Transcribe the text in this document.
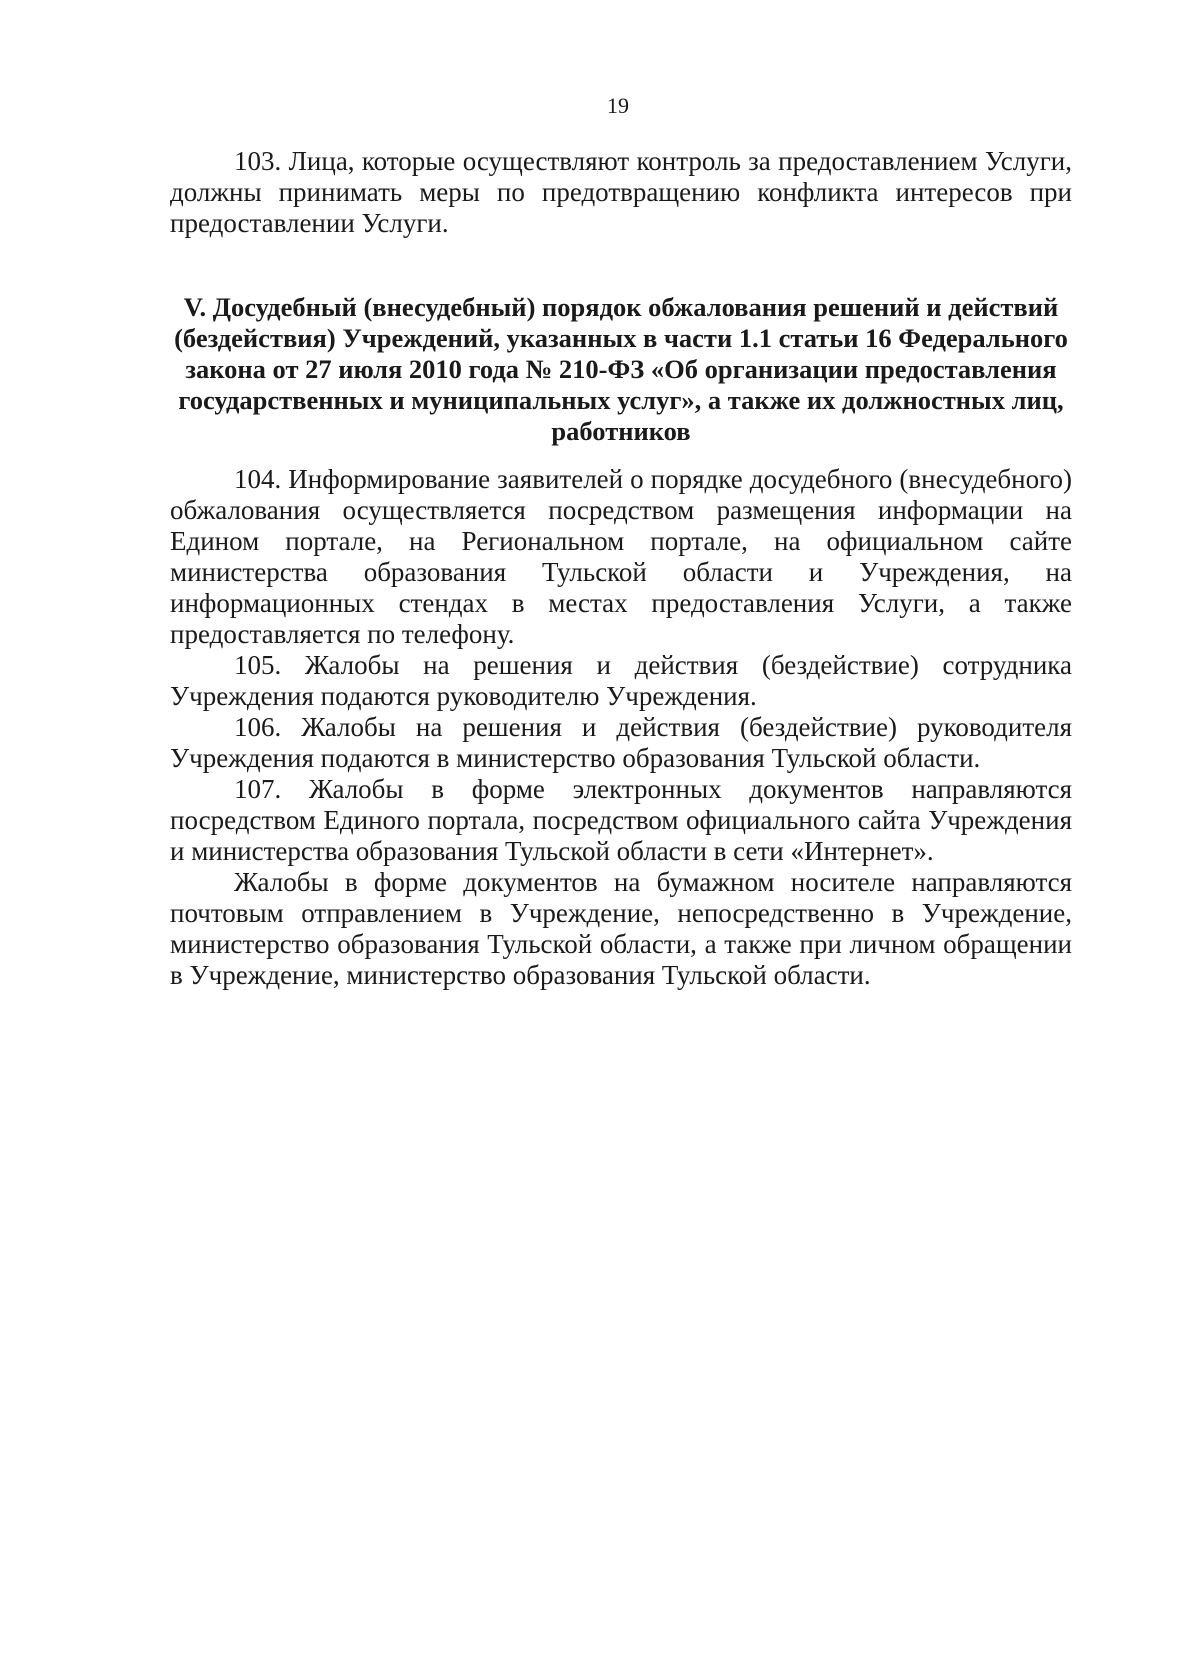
19

103. Лица, которые осуществляют контроль за предоставлением Услуги, должны принимать меры по предотвращению конфликта интересов при предоставлении Услуги.

V. Досудебный (внесудебный) порядок обжалования решений и действий (бездействия) Учреждений, указанных в части 1.1 статьи 16 Федерального закона от 27 июля 2010 года № 210-ФЗ «Об организации предоставления государственных и муниципальных услуг», а также их должностных лиц, работников

104. Информирование заявителей о порядке досудебного (внесудебного) обжалования осуществляется посредством размещения информации на Едином портале, на Региональном портале, на официальном сайте министерства образования Тульской области и Учреждения, на информационных стендах в местах предоставления Услуги, а также предоставляется по телефону.

105. Жалобы на решения и действия (бездействие) сотрудника Учреждения подаются руководителю Учреждения.

106. Жалобы на решения и действия (бездействие) руководителя Учреждения подаются в министерство образования Тульской области.

107. Жалобы в форме электронных документов направляются посредством Единого портала, посредством официального сайта Учреждения и министерства образования Тульской области в сети «Интернет».

Жалобы в форме документов на бумажном носителе направляются почтовым отправлением в Учреждение, непосредственно в Учреждение, министерство образования Тульской области, а также при личном обращении в Учреждение, министерство образования Тульской области.
